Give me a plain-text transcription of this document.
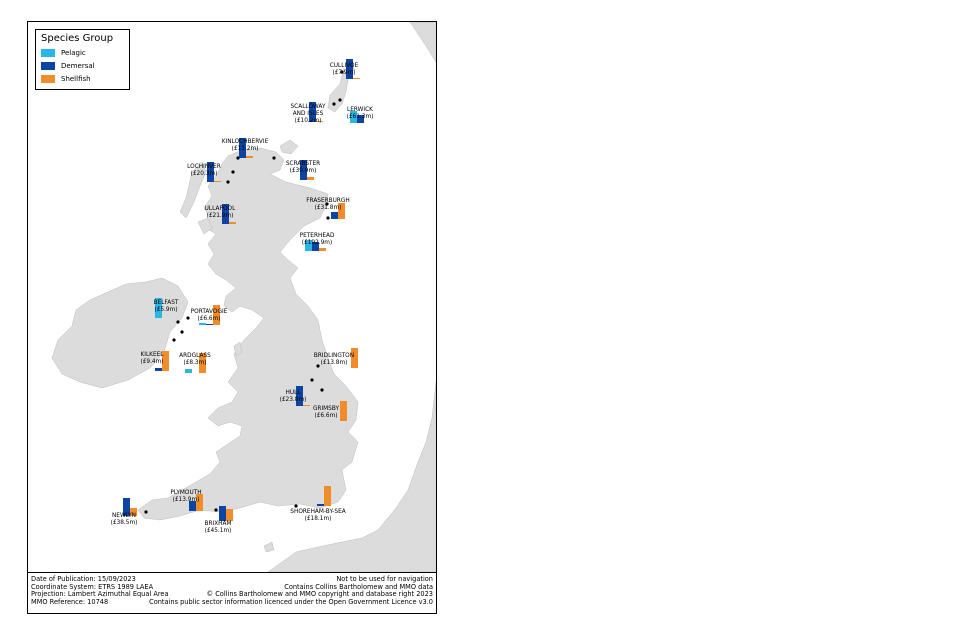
CULLIVOE (£7.9m)
SCALLOWAY AND ISLES (£10.2m)
LERWICK (£61.3m)
KINLOCHBERVIE (£11.2m)
LOCHINVER (£20.3m)
SCRABSTER (£39.9m)
ULLAPOOL (£21.9m)
FRASERBURGH (£31.8m)
PETERHEAD (£192.9m)
BELFAST (£5.9m) PORTAVOGIE (£6.6m)
KILKEEL (£9.4m)
ARDGLASS (£8.3m)
BRIDLINGTON (£13.8m)
HULL (£23.8m)
GRIMSBY (£6.6m)
PLYMOUTH (£13.9m)
NEWLYN (£38.5m)	BRIXHAM (£45.1m)
SHOREHAM-BY-SEA (£18.1m)
Species Group
Pelagic
Demersal
Shellfish
Date of Publication: 15/09/2023
Coordinate System: ETRS 1989 LAEA
Projection: Lambert Azimuthal Equal Area
MMO Reference: 10748
Not to be used for navigation
Contains Collins Bartholomew and MMO data
© Collins Bartholomew and MMO copyright and database right 2023
Contains public sector information licenced under the Open Government Licence v3.0
